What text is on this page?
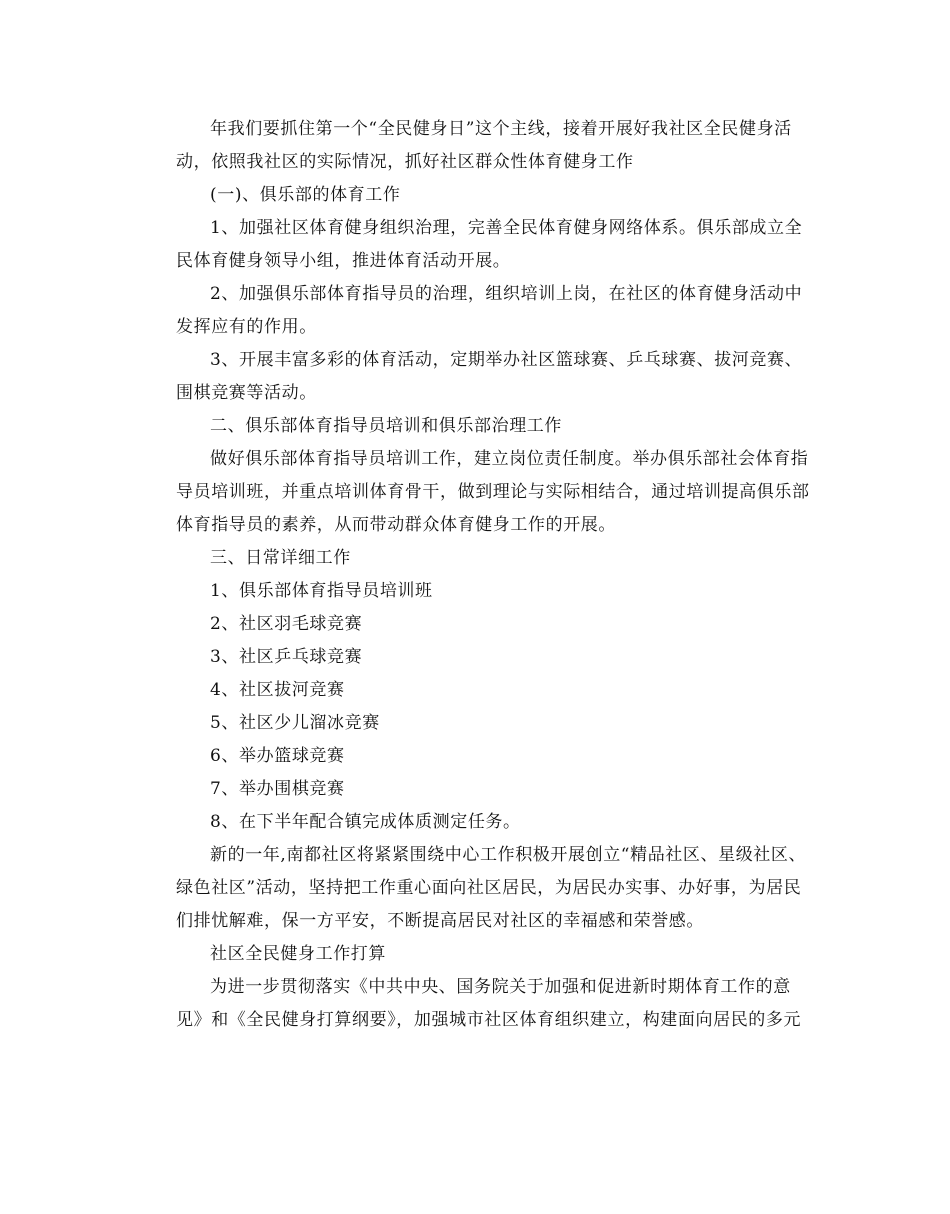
年我们要抓住第一个“全民健身日”这个主线，接着开展好我社区全民健身活
动，依照我社区的实际情况，抓好社区群众性体育健身工作
(一)、俱乐部的体育工作
1、加强社区体育健身组织治理，完善全民体育健身网络体系。俱乐部成立全
民体育健身领导小组，推进体育活动开展。
2、加强俱乐部体育指导员的治理，组织培训上岗，在社区的体育健身活动中
发挥应有的作用。
3、开展丰富多彩的体育活动，定期举办社区篮球赛、乒乓球赛、拔河竞赛、
围棋竞赛等活动。
二、俱乐部体育指导员培训和俱乐部治理工作
做好俱乐部体育指导员培训工作，建立岗位责任制度。举办俱乐部社会体育指
导员培训班，并重点培训体育骨干，做到理论与实际相结合，通过培训提高俱乐部
体育指导员的素养，从而带动群众体育健身工作的开展。
三、日常详细工作
1、俱乐部体育指导员培训班
2、社区羽毛球竞赛
3、社区乒乓球竞赛
4、社区拔河竞赛
5、社区少儿溜冰竞赛
6、举办篮球竞赛
7、举办围棋竞赛
8、在下半年配合镇完成体质测定任务。
新的一年,南都社区将紧紧围绕中心工作积极开展创立“精品社区、星级社区、
绿色社区”活动，坚持把工作重心面向社区居民，为居民办实事、办好事，为居民
们排忧解难，保一方平安，不断提高居民对社区的幸福感和荣誉感。
社区全民健身工作打算
为进一步贯彻落实《中共中央、国务院关于加强和促进新时期体育工作的意
见》和《全民健身打算纲要》，加强城市社区体育组织建立，构建面向居民的多元
